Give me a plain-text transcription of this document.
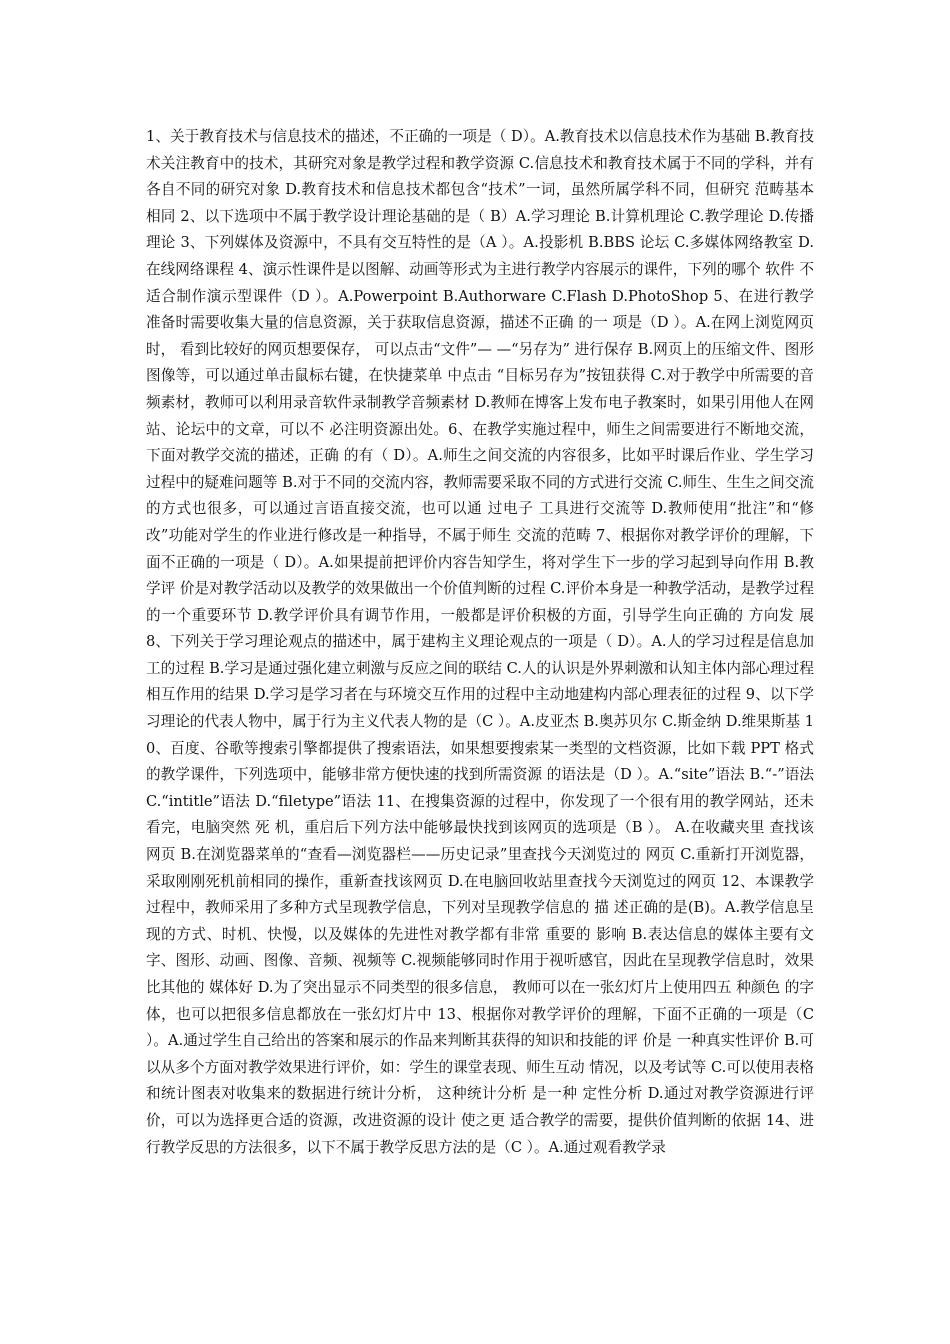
1、关于教育技术与信息技术的描述，不正确的一项是（ D）。A.教育技术以信息技术作为基础 B.教育技术关注教育中的技术，其研究对象是教学过程和教学资源 C.信息技术和教育技术属于不同的学科，并有各自不同的研究对象 D.教育技术和信息技术都包含“技术”一词，虽然所属学科不同，但研究 范畴基本 相同 2、以下选项中不属于教学设计理论基础的是（ B）A.学习理论 B.计算机理论 C.教学理论 D.传播理论 3、下列媒体及资源中，不具有交互特性的是（A ）。A.投影机 B.BBS 论坛 C.多媒体网络教室 D.在线网络课程 4、演示性课件是以图解、动画等形式为主进行教学内容展示的课件，下列的哪个 软件 不适合制作演示型课件（D ）。A.Powerpoint B.Authorware C.Flash D.PhotoShop 5、在进行教学准备时需要收集大量的信息资源，关于获取信息资源，描述不正确 的一 项是（D ）。A.在网上浏览网页时， 看到比较好的网页想要保存， 可以点击“文件”— —“另存为” 进行保存 B.网页上的压缩文件、图形图像等，可以通过单击鼠标右键，在快捷菜单 中点击 “目标另存为”按钮获得 C.对于教学中所需要的音频素材，教师可以利用录音软件录制教学音频素材 D.教师在博客上发布电子教案时，如果引用他人在网站、论坛中的文章，可以不 必注明资源出处。6、在教学实施过程中，师生之间需要进行不断地交流，下面对教学交流的描述，正确 的有（ D）。A.师生之间交流的内容很多，比如平时课后作业、学生学习过程中的疑难问题等 B.对于不同的交流内容，教师需要采取不同的方式进行交流 C.师生、生生之间交流的方式也很多，可以通过言语直接交流，也可以通 过电子 工具进行交流等 D.教师使用“批注”和“修改”功能对学生的作业进行修改是一种指导，不属于师生 交流的范畴 7、根据你对教学评价的理解，下面不正确的一项是（ D）。A.如果提前把评价内容告知学生，将对学生下一步的学习起到导向作用 B.教学评 价是对教学活动以及教学的效果做出一个价值判断的过程 C.评价本身是一种教学活动，是教学过程的一个重要环节 D.教学评价具有调节作用，一般都是评价积极的方面，引导学生向正确的 方向发 展 8、下列关于学习理论观点的描述中，属于建构主义理论观点的一项是（ D）。A.人的学习过程是信息加工的过程 B.学习是通过强化建立刺激与反应之间的联结 C.人的认识是外界刺激和认知主体内部心理过程相互作用的结果 D.学习是学习者在与环境交互作用的过程中主动地建构内部心理表征的过程 9、以下学习理论的代表人物中，属于行为主义代表人物的是（C ）。A.皮亚杰 B.奥苏贝尔 C.斯金纳 D.维果斯基 10、百度、谷歌等搜索引擎都提供了搜索语法，如果想要搜索某一类型的文档资源，比如下载 PPT 格式的教学课件，下列选项中，能够非常方便快速的找到所需资源 的语法是（D ）。A.“site”语法 B.“-”语法 C.“intitle”语法 D.“filetype”语法 11、在搜集资源的过程中，你发现了一个很有用的教学网站，还未看完，电脑突然 死 机，重启后下列方法中能够最快找到该网页的选项是（B ）。 A.在收藏夹里 查找该网页 B.在浏览器菜单的“查看—浏览器栏——历史记录”里查找今天浏览过的 网页 C.重新打开浏览器，采取刚刚死机前相同的操作，重新查找该网页 D.在电脑回收站里查找今天浏览过的网页 12、本课教学过程中，教师采用了多种方式呈现教学信息，下列对呈现教学信息的 描 述正确的是(B)。A.教学信息呈现的方式、时机、快慢，以及媒体的先进性对教学都有非常 重要的 影响 B.表达信息的媒体主要有文字、图形、动画、图像、音频、视频等 C.视频能够同时作用于视听感官，因此在呈现教学信息时，效果比其他的 媒体好 D.为了突出显示不同类型的很多信息， 教师可以在一张幻灯片上使用四五 种颜色 的字体，也可以把很多信息都放在一张幻灯片中 13、根据你对教学评价的理解，下面不正确的一项是（C ）。A.通过学生自己给出的答案和展示的作品来判断其获得的知识和技能的评 价是 一种真实性评价 B.可以从多个方面对教学效果进行评价，如：学生的课堂表现、师生互动 情况，以及考试等 C.可以使用表格和统计图表对收集来的数据进行统计分析， 这种统计分析 是一种 定性分析 D.通过对教学资源进行评价，可以为选择更合适的资源，改进资源的设计 使之更 适合教学的需要，提供价值判断的依据 14、进行教学反思的方法很多，以下不属于教学反思方法的是（C ）。A.通过观看教学录
